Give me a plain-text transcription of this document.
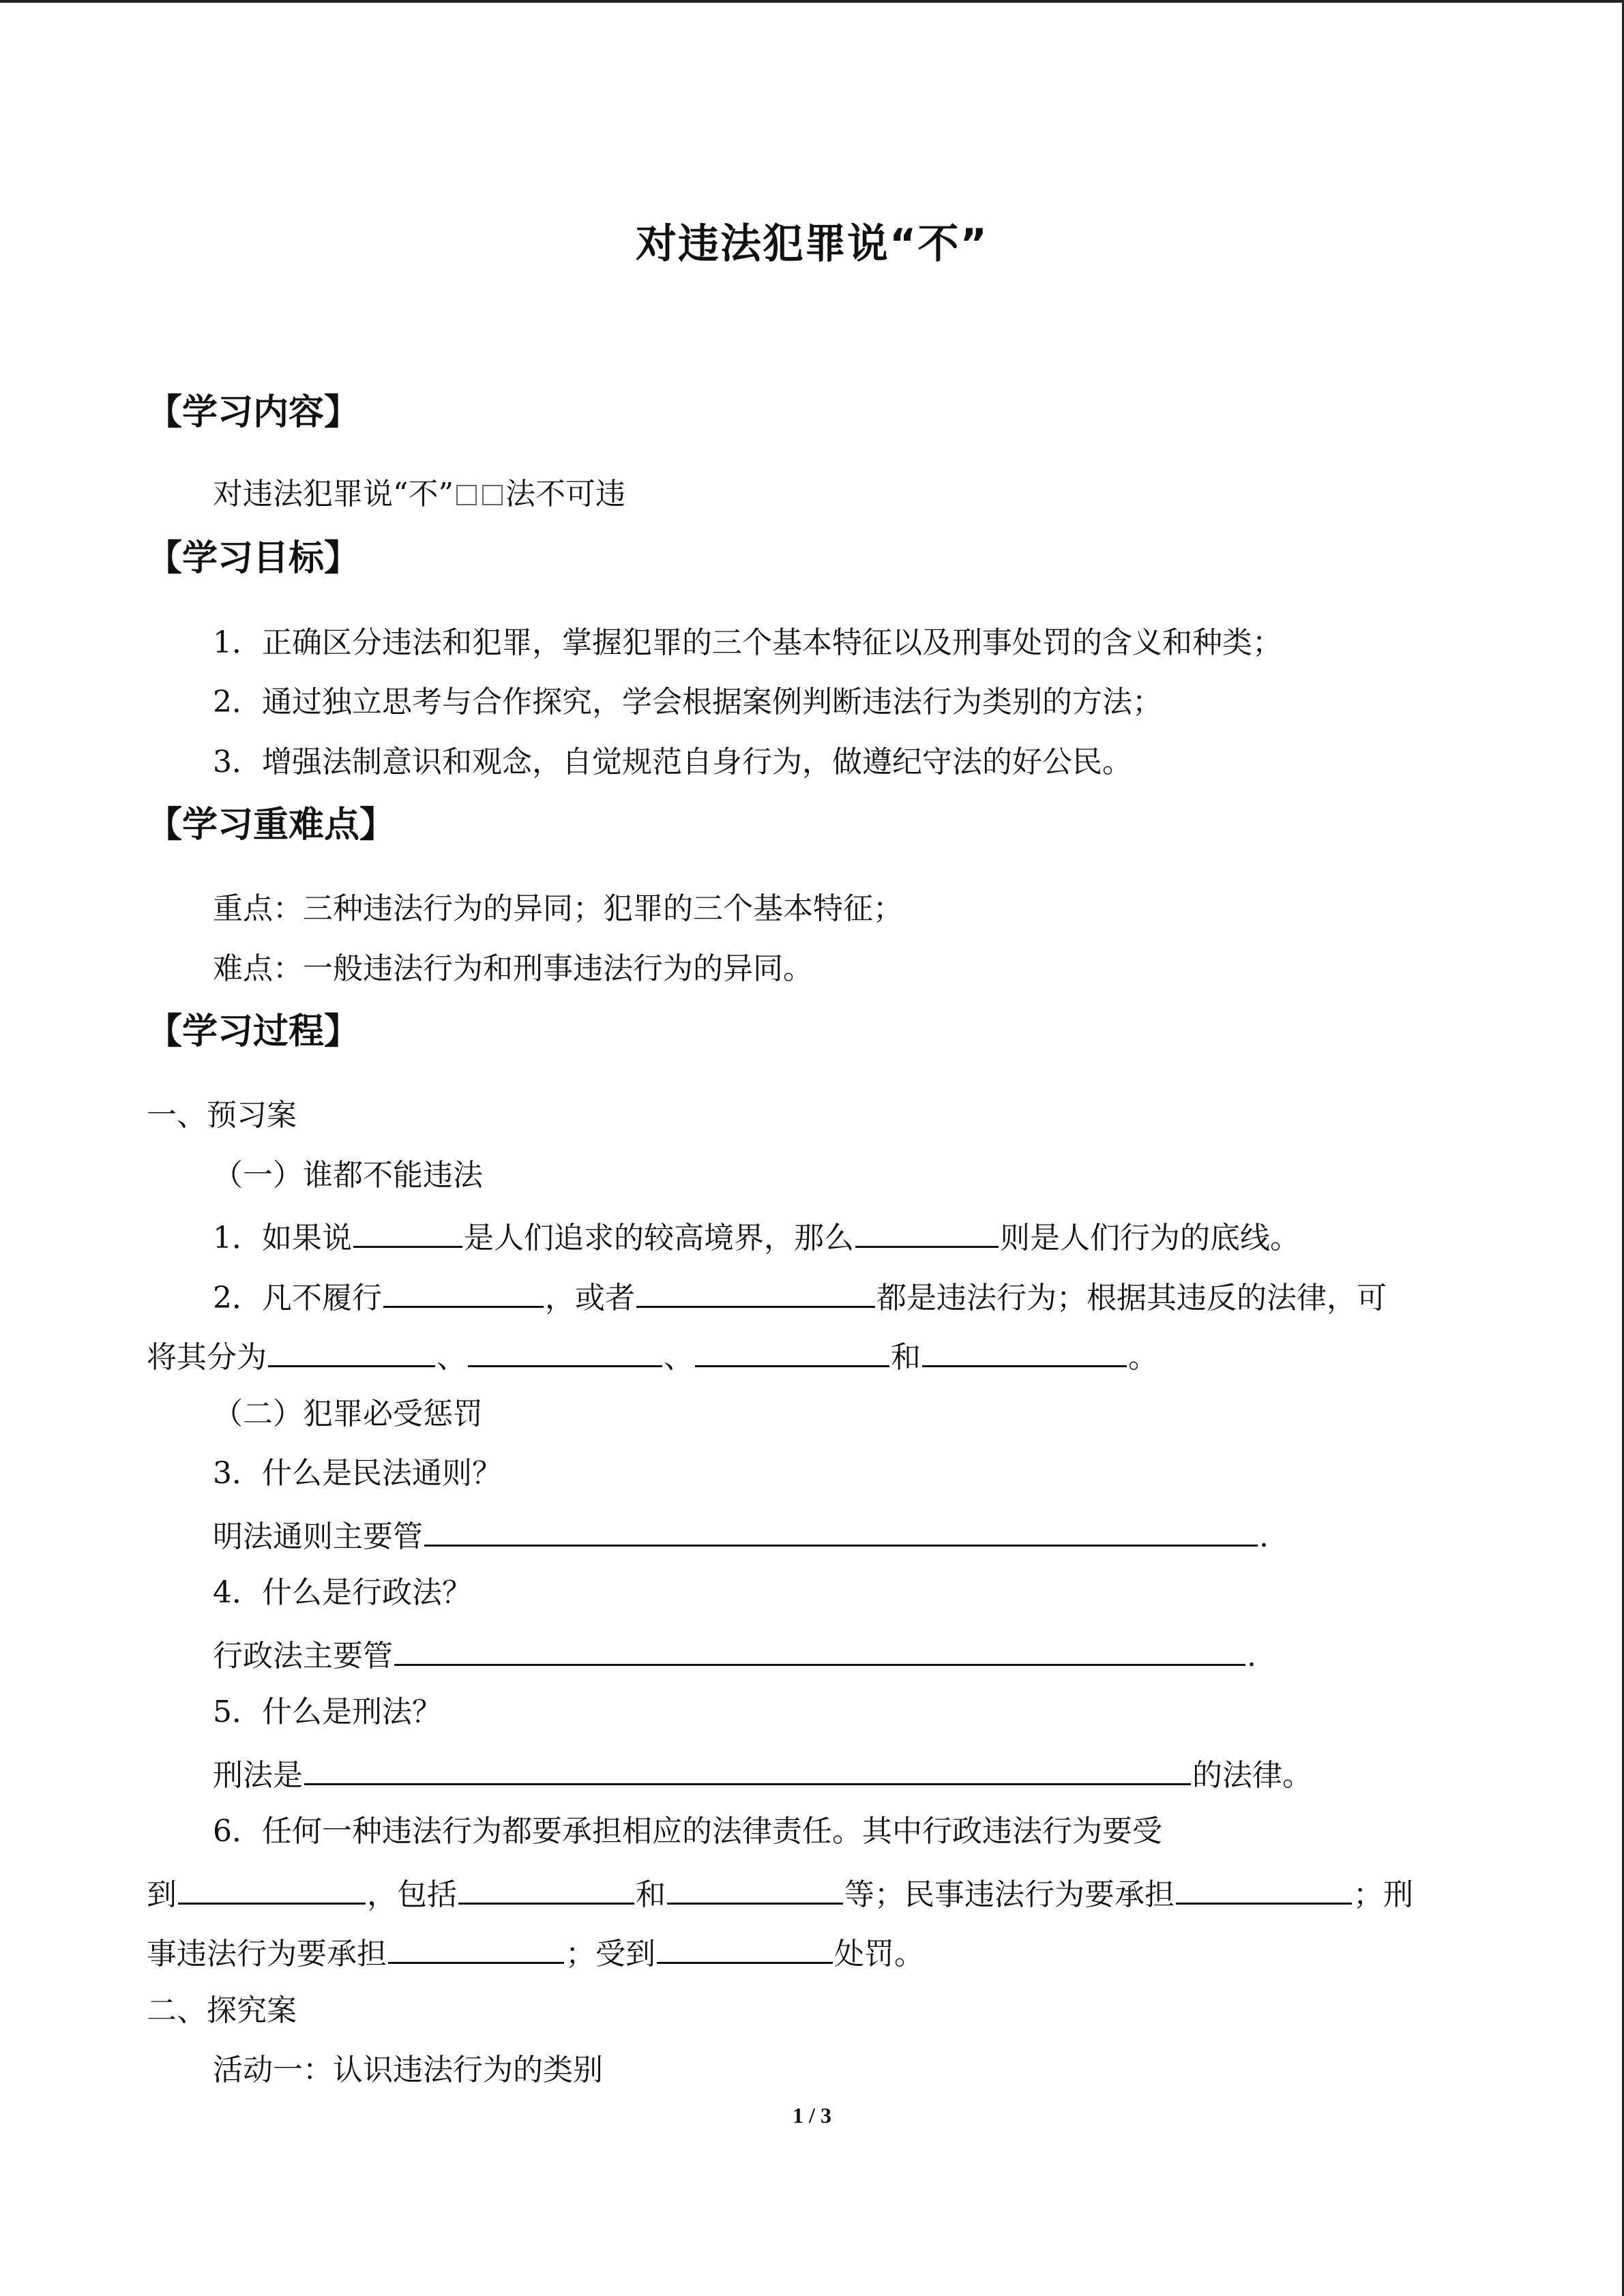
对违法犯罪说“不”
【学习内容】
对违法犯罪说“不” 法不可违
【学习目标】
1．正确区分违法和犯罪，掌握犯罪的三个基本特征以及刑事处罚的含义和种类；
2．通过独立思考与合作探究，学会根据案例判断违法行为类别的方法；
3．增强法制意识和观念，自觉规范自身行为，做遵纪守法的好公民。
【学习重难点】
重点：三种违法行为的异同；犯罪的三个基本特征；
难点：一般违法行为和刑事违法行为的异同。
【学习过程】
一、预习案
（一）谁都不能违法
1．如果说	是人们追求的较高境界，那么	则是人们行为的底线。
2．凡不履行	，或者	都是违法行为；根据其违反的法律，可
将其分为	、	、	和	。
（二）犯罪必受惩罚
3．什么是民法通则？
明法通则主要管	.
4．什么是行政法？
行政法主要管	.
5．什么是刑法？
刑法是	的法律。
6．任何一种违法行为都要承担相应的法律责任。其中行政违法行为要受
到	，包括	和	等；民事违法行为要承担	；刑
事违法行为要承担	；受到	处罚。
二、探究案
活动一：认识违法行为的类别
1 / 3
